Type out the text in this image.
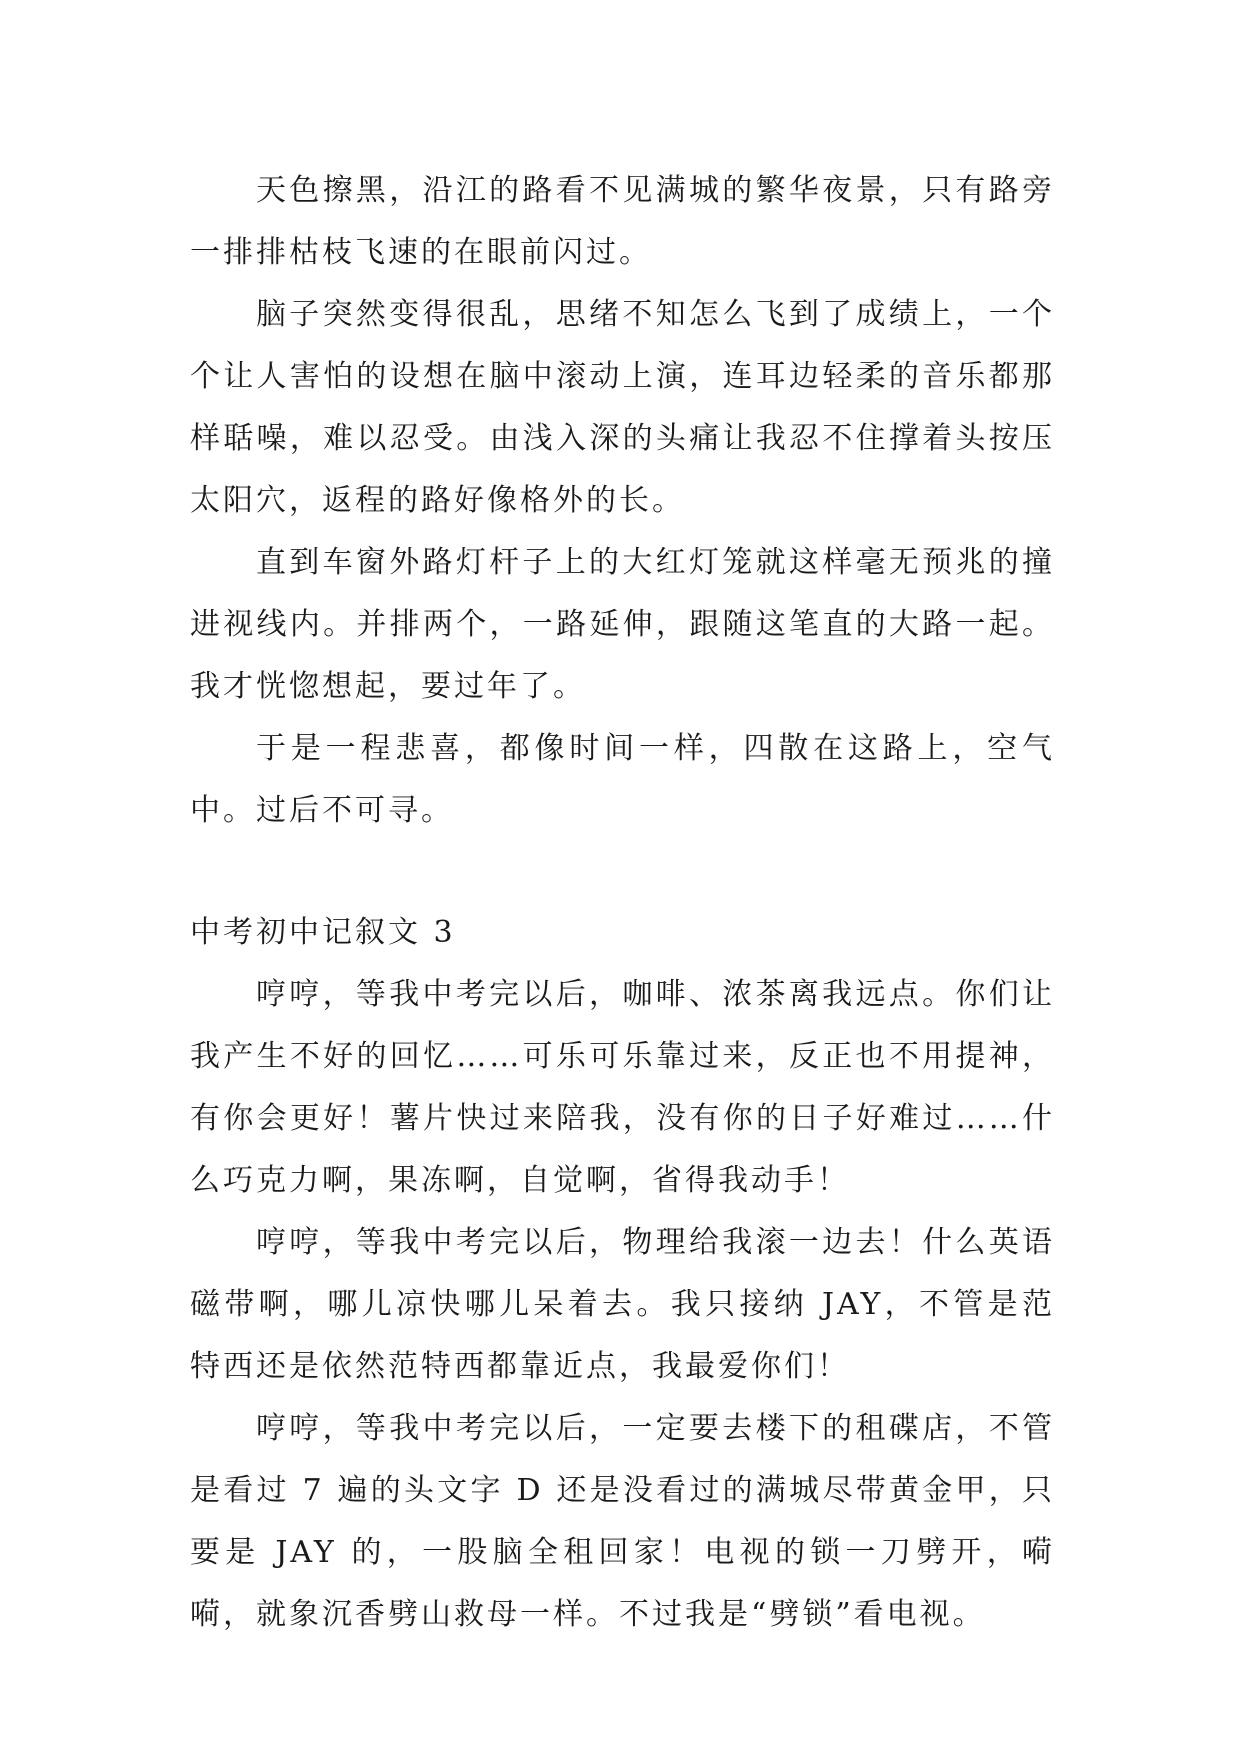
天色擦黑，沿江的路看不见满城的繁华夜景，只有路旁一排排枯枝飞速的在眼前闪过。

脑子突然变得很乱，思绪不知怎么飞到了成绩上，一个个让人害怕的设想在脑中滚动上演，连耳边轻柔的音乐都那样聒噪，难以忍受。由浅入深的头痛让我忍不住撑着头按压太阳穴，返程的路好像格外的长。

直到车窗外路灯杆子上的大红灯笼就这样毫无预兆的撞进视线内。并排两个，一路延伸，跟随这笔直的大路一起。我才恍惚想起，要过年了。

于是一程悲喜，都像时间一样，四散在这路上，空气中。过后不可寻。

中考初中记叙文 3

哼哼，等我中考完以后，咖啡、浓茶离我远点。你们让我产生不好的回忆……可乐可乐靠过来，反正也不用提神，有你会更好！薯片快过来陪我，没有你的日子好难过……什么巧克力啊，果冻啊，自觉啊，省得我动手！

哼哼，等我中考完以后，物理给我滚一边去！什么英语磁带啊，哪儿凉快哪儿呆着去。我只接纳 JAY，不管是范特西还是依然范特西都靠近点，我最爱你们！

哼哼，等我中考完以后，一定要去楼下的租碟店，不管是看过 7 遍的头文字 D 还是没看过的满城尽带黄金甲，只要是 JAY 的，一股脑全租回家！电视的锁一刀劈开，嗬嗬，就象沉香劈山救母一样。不过我是“劈锁”看电视。
